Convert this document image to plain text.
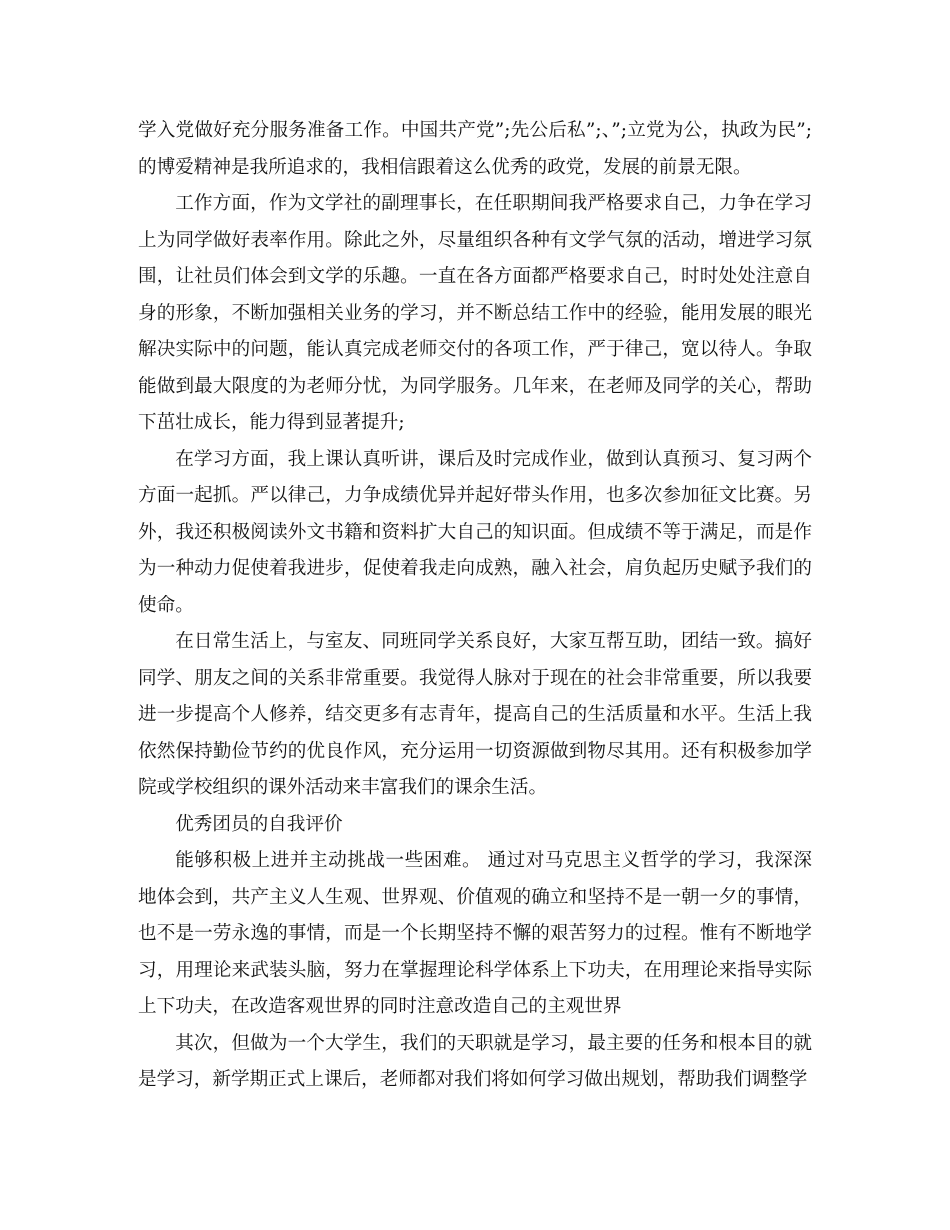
学入党做好充分服务准备工作。中国共产党”;先公后私”;、”;立党为公，执政为民”;的博爱精神是我所追求的，我相信跟着这么优秀的政党，发展的前景无限。

工作方面，作为文学社的副理事长，在任职期间我严格要求自己，力争在学习上为同学做好表率作用。除此之外，尽量组织各种有文学气氛的活动，增进学习氛围，让社员们体会到文学的乐趣。一直在各方面都严格要求自己，时时处处注意自身的形象，不断加强相关业务的学习，并不断总结工作中的经验，能用发展的眼光解决实际中的问题，能认真完成老师交付的各项工作，严于律己，宽以待人。争取能做到最大限度的为老师分忧，为同学服务。几年来，在老师及同学的关心，帮助下茁壮成长，能力得到显著提升;

在学习方面，我上课认真听讲，课后及时完成作业，做到认真预习、复习两个方面一起抓。严以律己，力争成绩优异并起好带头作用，也多次参加征文比赛。另外，我还积极阅读外文书籍和资料扩大自己的知识面。但成绩不等于满足，而是作为一种动力促使着我进步，促使着我走向成熟，融入社会，肩负起历史赋予我们的使命。

在日常生活上，与室友、同班同学关系良好，大家互帮互助，团结一致。搞好同学、朋友之间的关系非常重要。我觉得人脉对于现在的社会非常重要，所以我要进一步提高个人修养，结交更多有志青年，提高自己的生活质量和水平。生活上我依然保持勤俭节约的优良作风，充分运用一切资源做到物尽其用。还有积极参加学院或学校组织的课外活动来丰富我们的课余生活。

优秀团员的自我评价

能够积极上进并主动挑战一些困难。 通过对马克思主义哲学的学习，我深深地体会到，共产主义人生观、世界观、价值观的确立和坚持不是一朝一夕的事情，也不是一劳永逸的事情，而是一个长期坚持不懈的艰苦努力的过程。惟有不断地学习，用理论来武装头脑，努力在掌握理论科学体系上下功夫，在用理论来指导实际上下功夫，在改造客观世界的同时注意改造自己的主观世界

其次，但做为一个大学生，我们的天职就是学习，最主要的任务和根本目的就是学习，新学期正式上课后，老师都对我们将如何学习做出规划，帮助我们调整学
